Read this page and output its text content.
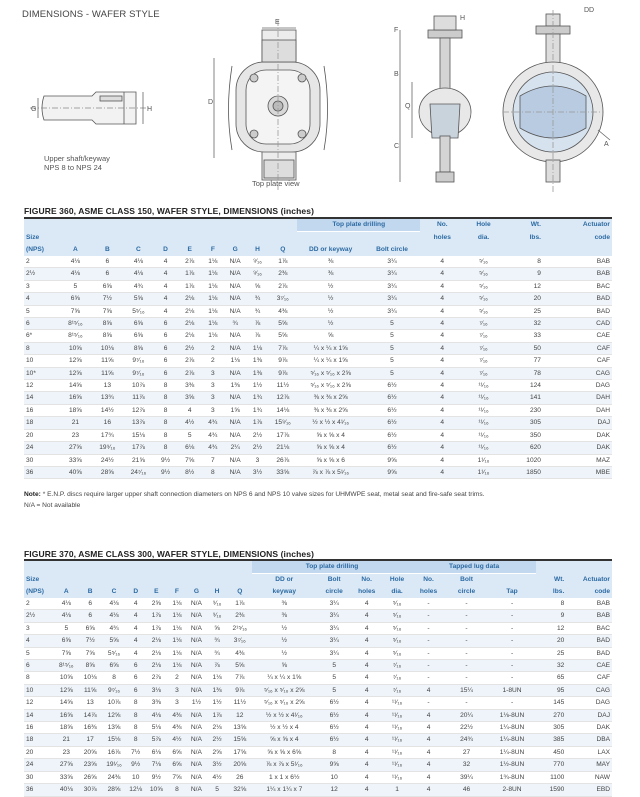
DIMENSIONS - WAFER STYLE
G	H
E
D
F
B
Q
C
H
A
DD
Upper shaft/keyway
NPS 8 to NPS 24
Top plate view
FIGURE 360, ASME CLASS 150, WAFER STYLE, DIMENSIONS (inches)
										Top plate drilling		No.	Hole	Wt.	Actuator
Size												holes	dia.	lbs.	code
(NPS)	A	B	C	D	E	F	G	H	Q	DD or keyway	Bolt circle				
2	4⅛	6	4⅛	4	2⅞	1⅛	N/A	⁹⁄₁₆	1⅞	⅜	3¼	4	⁵⁄₁₆	8	BAB
2½	4⅛	6	4⅛	4	1⅞	1⅛	N/A	⁹⁄₁₆	2⅜	⅜	3¼	4	⁵⁄₁₆	9	BAB
3	5	6⅝	4¾	4	1⅞	1⅛	N/A	⅝	2⅞	½	3¼	4	⁵⁄₁₆	12	BAC
4	6⅝	7½	5⅝	4	2⅛	1⅛	N/A	¾	3⁷⁄₁₆	½	3¼	4	⁵⁄₁₆	20	BAD
5	7⅝	7⅝	5⁵⁄₁₆	4	2⅛	1⅛	N/A	¾	4⅜	½	3¼	4	⁵⁄₁₆	25	BAD
6	8¹⁵⁄₁₆	8⅝	6⅝	6	2⅛	1⅛	¾	⅞	5⅝	½	5	4	⁷⁄₁₆	32	CAD
6*	8¹⁵⁄₁₆	8⅝	6⅝	6	2⅛	1⅛	N/A	⅞	5⅝	⅝	5	4	⁷⁄₁₆	33	CAE
8	10⅝	10⅛	8⅝	6	2½	2	N/A	1⅛	7⅞	¼ x ¼ x 1⅝	5	4	⁷⁄₁₆	50	CAF
10	12⅝	11⅝	9⁷⁄₁₆	6	2⅞	2	1⅛	1⅜	9⅞	¼ x ¼ x 1⅝	5	4	⁷⁄₁₆	77	CAF
10*	12⅝	11⅝	9⁷⁄₁₆	6	2⅞	3	N/A	1⅜	9⅞	⁵⁄₁₆ x ⁵⁄₁₆ x 2⅝	5	4	⁷⁄₁₆	78	CAG
12	14⅝	13	10⅞	8	3⅜	3	1⅜	1½	11½	⁵⁄₁₆ x ⁵⁄₁₆ x 2⅝	6½	4	¹¹⁄₁₆	124	DAG
14	16⅝	13¾	11⅞	8	3⅝	3	N/A	1¾	12⅞	⅜ x ⅜ x 2⅝	6½	4	¹¹⁄₁₆	141	DAH
16	18⅝	14½	12⅞	8	4	3	1⅝	1¾	14⅛	⅜ x ⅜ x 2⅝	6½	4	¹¹⁄₁₆	230	DAH
18	21	16	13⅞	8	4½	4¾	N/A	1⅞	15⁹⁄₁₆	½ x ½ x 4¹⁄₁₆	6½	4	¹¹⁄₁₆	305	DAJ
20	23	17¾	15⅛	8	5	4¾	N/A	2½	17⅞	⅝ x ⅝ x 4	6½	4	¹¹⁄₁₆	350	DAK
24	27⅝	19⁹⁄₁₆	17⅞	8	6⅛	4¾	2¼	2½	21⅛	⅝ x ⅝ x 4	6½	4	¹¹⁄₁₆	620	DAK
30	33⅝	24½	21⅝	9½	7⅝	7	N/A	3	26⅞	⅝ x ⅝ x 6	9⅝	4	1¹⁄₁₆	1020	MAZ
36	40⅝	28⅝	24⁷⁄₁₆	9½	8½	8	N/A	3½	33⅝	⅞ x ⅞ x 5¹⁄₁₆	9⅝	4	1¹⁄₁₆	1850	MBE
Note: * E.N.P. discs require larger upper shaft connection diameters on NPS 6 and NPS 10 valve sizes for UHMWPE seat, metal seat and fire-safe seat trims.
N/A = Not available
FIGURE 370, ASME CLASS 300, WAFER STYLE, DIMENSIONS (inches)
										Top plate drilling				Tapped lug data				
Size										DD or	Bolt	No.	Hole	No.	Bolt		Wt.	Actuator
(NPS)	A	B	C	D	E	F	G	H	Q	keyway	circle	holes	dia.	holes	circle	Tap	lbs.	code
2	4⅛	6	4⅛	4	2⅝	1⅛	N/A	⁹⁄₁₆	1⅞	⅜	3¼	4	⁵⁄₁₆	-	-	-	8	BAB
2½	4⅛	6	4⅛	4	1⅞	1⅛	N/A	⁹⁄₁₆	2⅜	⅜	3¼	4	⁵⁄₁₆	-	-	-	9	BAB
3	5	6⅝	4¾	4	1⅞	1⅛	N/A	⅝	2¹⁵⁄₁₆	½	3¼	4	⁵⁄₁₆	-	-	-	12	BAC
4	6⅝	7½	5⅝	4	2⅛	1⅛	N/A	¾	3⁷⁄₁₆	½	3¼	4	⁵⁄₁₆	-	-	-	20	BAD
5	7⅝	7⅝	5⁵⁄₁₆	4	2⅛	1⅛	N/A	¾	4⅜	½	3¼	4	⁵⁄₁₆	-	-	-	25	BAD
6	8¹⁵⁄₁₆	8⅝	6⅝	6	2⅛	1⅛	N/A	⅞	5⅝	⅝	5	4	⁷⁄₁₆	-	-	-	32	CAE
8	10⅝	10⅛	8	6	2⅞	2	N/A	1⅛	7⅞	¼ x ¼ x 1⅝	5	4	⁷⁄₁₆	-	-	-	65	CAF
10	12⅝	11⅝	9⁷⁄₁₆	6	3⅛	3	N/A	1⅜	9⅞	⁵⁄₁₆ x ⁵⁄₁₆ x 2⅝	5	4	⁷⁄₁₆	4	15¼	1-8UN	95	CAG
12	14⅝	13	10⅞	8	3⅜	3	1½	1½	11½	⁵⁄₁₆ x ⁵⁄₁₆ x 2⅝	6½	4	¹¹⁄₁₆	-	-	-	145	DAG
14	16⅝	14⅞	12⅝	8	4⅛	4⅜	N/A	1⅞	12	½ x ½ x 4¹⁄₁₆	6½	4	¹¹⁄₁₆	4	20¼	1⅛-8UN	270	DAJ
16	18⅝	16⅜	13⅝	8	5⅛	4⅜	N/A	2⅛	13⅝	½ x ½ x 4	6½	4	¹¹⁄₁₆	4	22½	1¼-8UN	305	DAK
18	21	17	15⅛	8	5⅞	4½	N/A	2½	15⅝	⅝ x ⅝ x 4	6½	4	¹¹⁄₁₆	4	24¾	1¼-8UN	385	DBA
20	23	20⅝	16⅞	7½	6⅛	6⅝	N/A	2⅝	17⅝	⅝ x ⅝ x 6⅝	8	4	¹¹⁄₁₆	4	27	1¼-8UN	450	LAX
24	27⅝	23⅝	19¹⁄₁₆	9½	7⅛	6⅝	N/A	3½	20⅝	⅞ x ⅞ x 5¹⁄₁₆	9⅝	4	¹¹⁄₁₆	4	32	1½-8UN	770	MAY
30	33⅝	26⅝	24⅜	10	9½	7⅝	N/A	4½	26	1 x 1 x 6½	10	4	¹¹⁄₁₆	4	39¼	1¾-8UN	1100	NAW
36	40⅛	30⅞	28⅝	12⅛	10⅝	8	N/A	5	32⅝	1¼ x 1¼ x 7	12	4	1	4	46	2-8UN	1590	EBD
